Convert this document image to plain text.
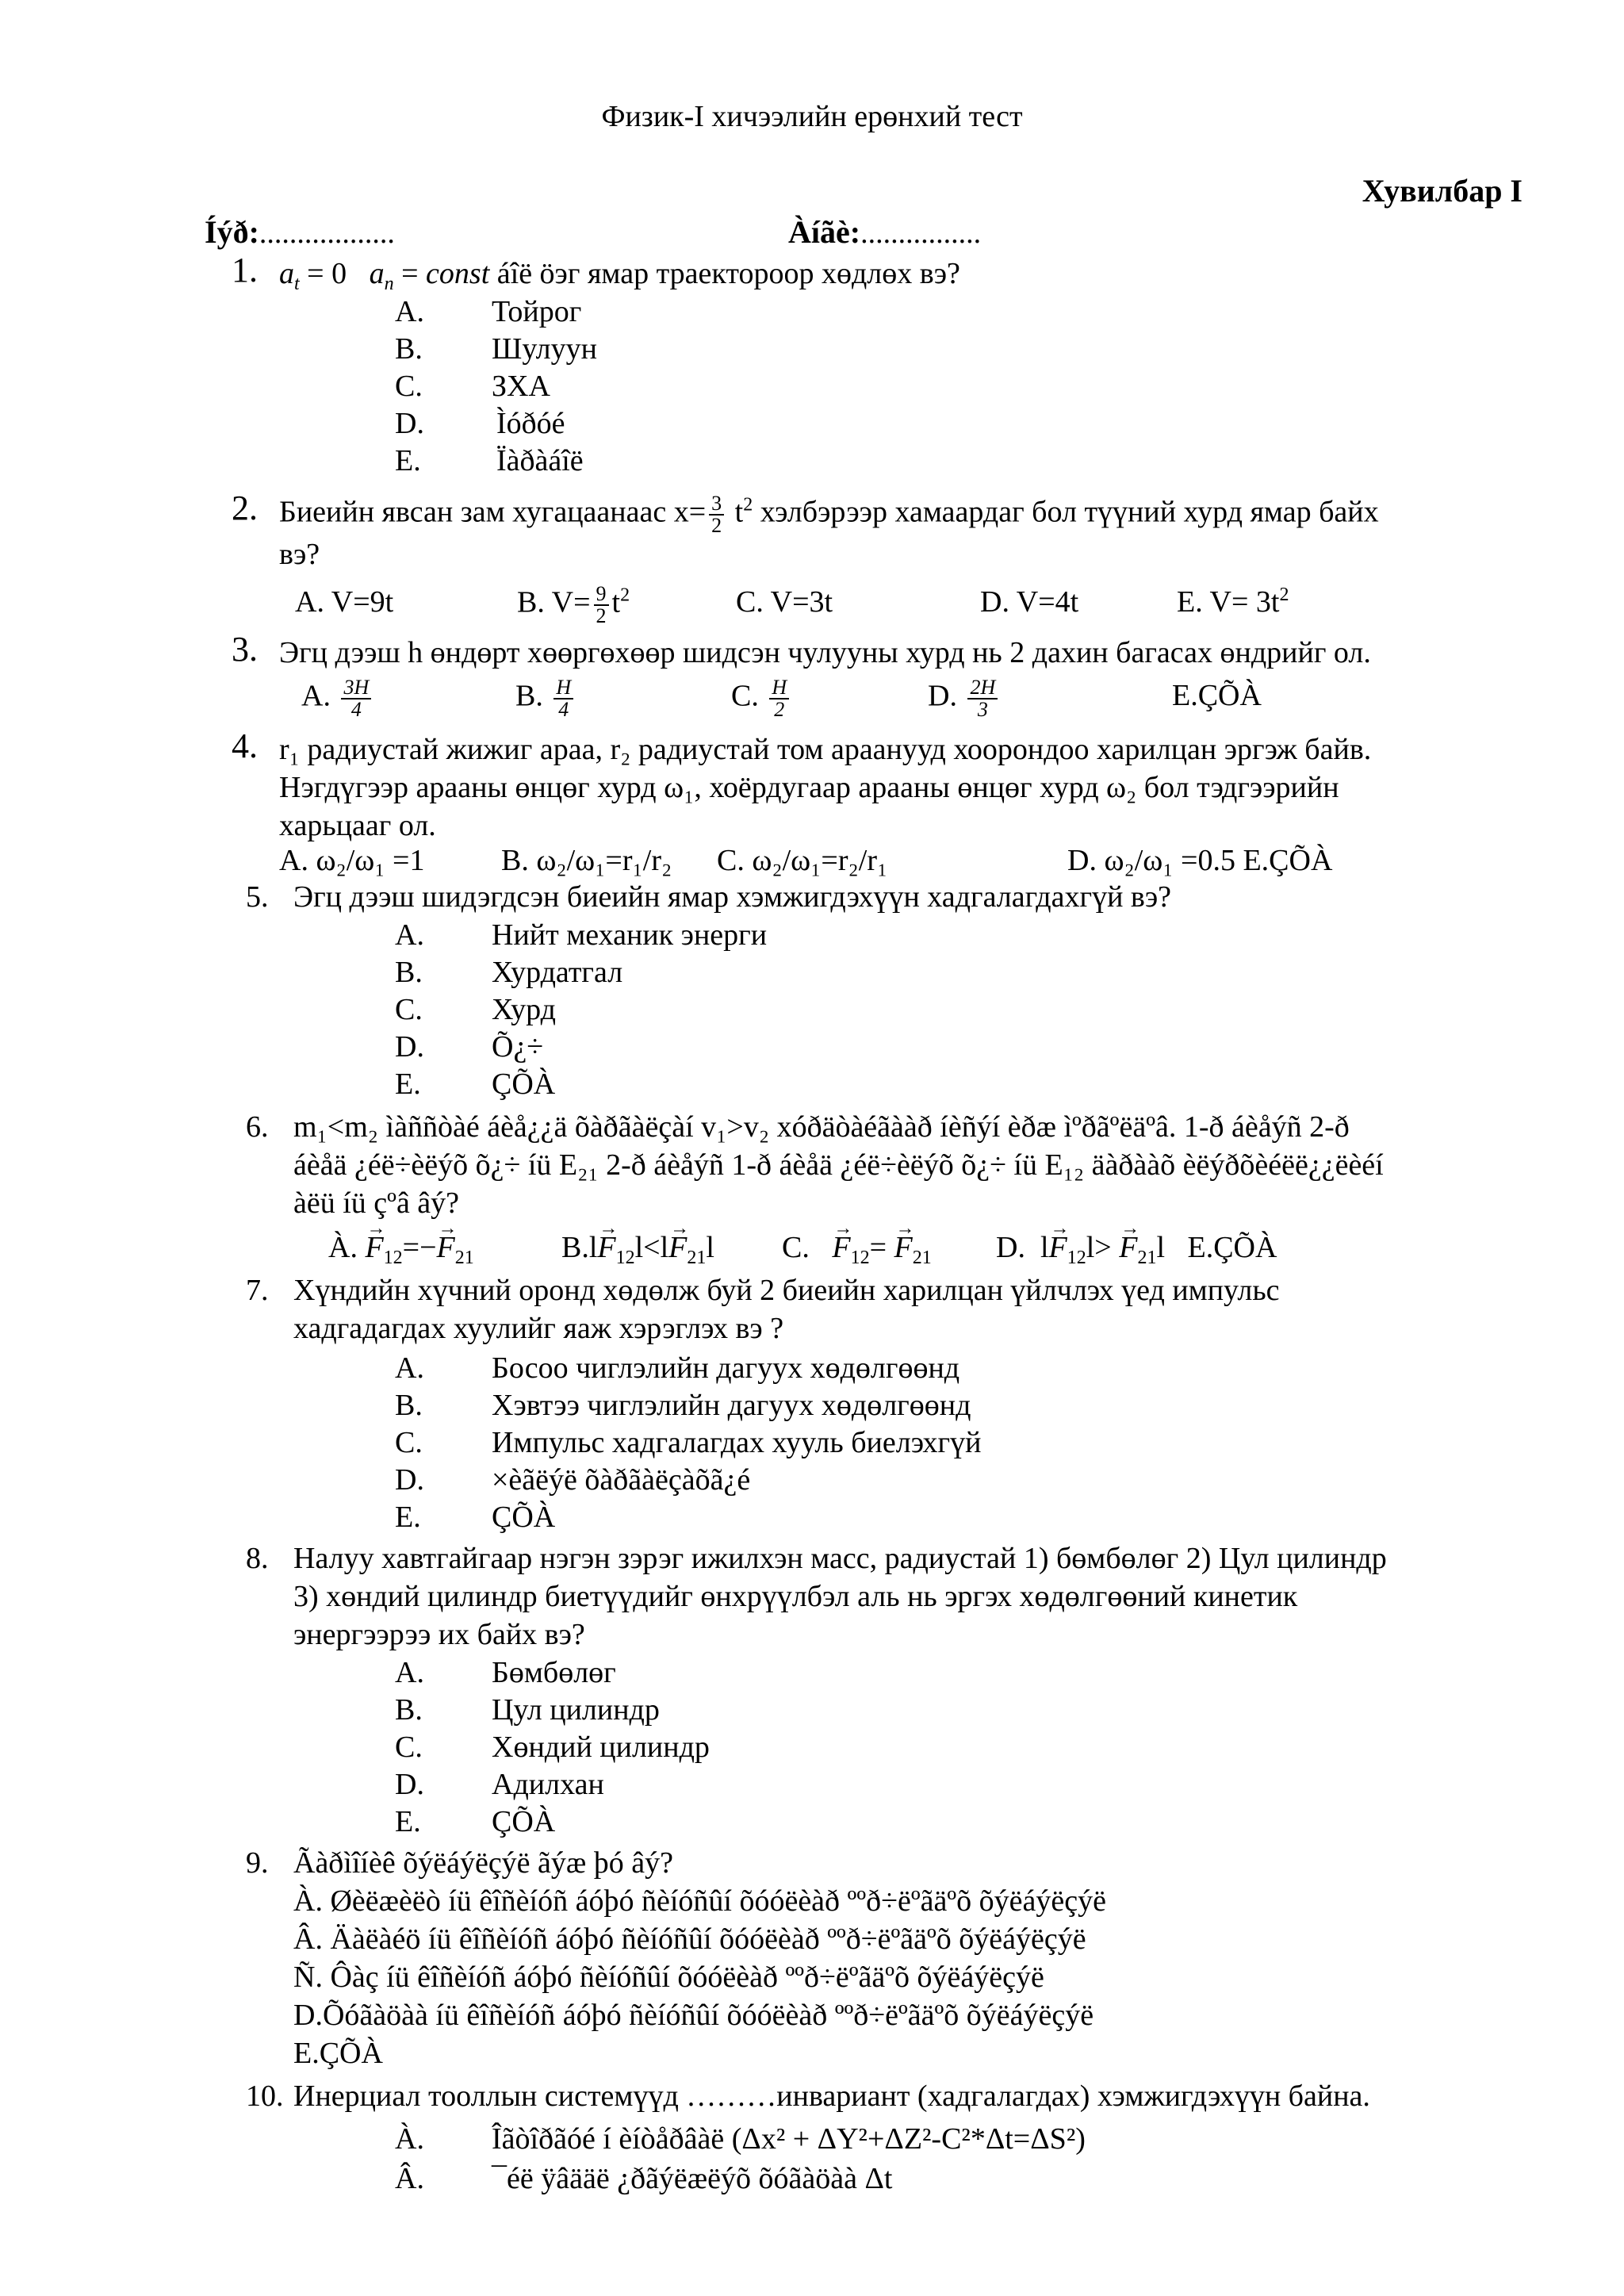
Физик-I хичээлийн ерөнхий тест
Хувилбар I
Íýð:..................	Àíãè:................
1. $a_t = 0$   $a_n$ = const áîë öэг ямар траектороор хөдлөх вэ?
A. Тойрог
B. Шулуун
C. ЗХА
D. Ìóðóé
E.	Ïàðàáîë
2. Биеийн явсан зам хугацаанаас $x= \frac{3}{2} t^2$ хэлбэрээр хамаардаг бол түүний хурд ямар байх
вэ?
A. V=9t	B. $V= \frac{9}{2} t^2$	C. V=3t	D. V=4t	E. $V= 3t^2$
3. Эгц дээш h өндөрт хөөргөхөөр шидсэн чулууны хурд нь 2 дахин багасах өндрийг ол.
A. $\frac{3H}{4}$	B. $\frac{H}{4}$	C. $\frac{H}{2}$	D. $\frac{2H}{3}$	E.ÇÕÀ
4. r₁ радиустай жижиг араа, r₂ радиустай том араанууд хоорондоо харилцан эргэж байв.
Нэгдүгээр арааны өнцөг хурд ω₁, хоёрдугаар арааны өнцөг хурд ω₂ бол тэдгээрийн
харьцааг ол.
A. ω₂/ω₁ =1	B. ω₂/ω₁=r₁/r₂ C. ω₂/ω₁=r₂/r₁	D. ω₂/ω₁ =0.5 E.ÇÕÀ
5. Эгц дээш шидэгдсэн биеийн ямар хэмжигдэхүүн хадгалагдахгүй вэ?
A. Нийт механик энерги
B. Хурдатгал
C. Хурд
D. Õ¿÷
E. ÇÕÀ
6. m₁<m₂ ìàññòàé áèå¿¿ä õàðãàëçàí v₁>v₂ xóðäòàéãààð íèñýí èðæ ìºðãºëäºâ. 1-ð áèåýñ 2-ð
áèåä ¿éë÷èëýõ õ¿÷ íü E₂₁ 2-ð áèåýñ 1-ð áèåä ¿éë÷èëýõ õ¿÷ íü E₁₂ äàðààõ èëýðõèéëë¿¿ëèéí
àëü íü çºâ âý?
À. → $F_{12}=-\to F_{21}$	$B.l\to F_{12}l<l\to F_{21}l$ C.   → $F_{12}= \to F_{21}$ D.  $l\to F_{12}l> \to F_{21}l$   E.ÇÕÀ
7. Хүндийн хүчний оронд хөдөлж буй 2 биеийн харилцан үйлчлэх үед импульс
хадгадагдах хуулийг яаж хэрэглэх вэ ?
A. Босоо чиглэлийн дагуух хөдөлгөөнд
B. Хэвтээ чиглэлийн дагуух хөдөлгөөнд
C. Импульс хадгалагдах хууль биелэхгүй
D. ×èãëýë õàðãàëçàõã¿é
E. ÇÕÀ
8. Налуу хавтгайгаар нэгэн зэрэг ижилхэн масс, радиустай 1) бөмбөлөг 2) Цул цилиндр
3) хөндий цилиндр биетүүдийг өнхрүүлбэл аль нь эргэх хөдөлгөөний кинетик
энергээрээ их байх вэ?
A. Бөмбөлөг
B. Цул цилиндр
C. Хөндий цилиндр
D. Адилхан
E. ÇÕÀ
9. Ãàðìîíèê õýëáýëçýë ãýæ þó âý?
À. Øèëæèëò íü êîñèíóñ áóþó ñèíóñûí õóóëèàð ººð÷ëºãäºõ õýëáýëçýë
Â. Äàëàéö íü êîñèíóñ áóþó ñèíóñûí õóóëèàð ººð÷ëºãäºõ õýëáýëçýë
Ñ. Ôàç íü êîñèíóñ áóþó ñèíóñûí õóóëèàð ººð÷ëºãäºõ õýëáýëçýë
D.Õóãàöàà íü êîñèíóñ áóþó ñèíóñûí õóóëèàð ººð÷ëºãäºõ õýëáýëçýë
E.ÇÕÀ
10. Инерциал тооллын системүүд ………инвариант (хадгалагдах) хэмжигдэхүүн байна.
À. Îãòîðãóé í èíòåðâàë (Δx² + ΔY²+ΔZ²-C²*Δt=ΔS²)
Â. ¯éë ÿâääë ¿ðãýëæëýõ õóãàöàà Δt
